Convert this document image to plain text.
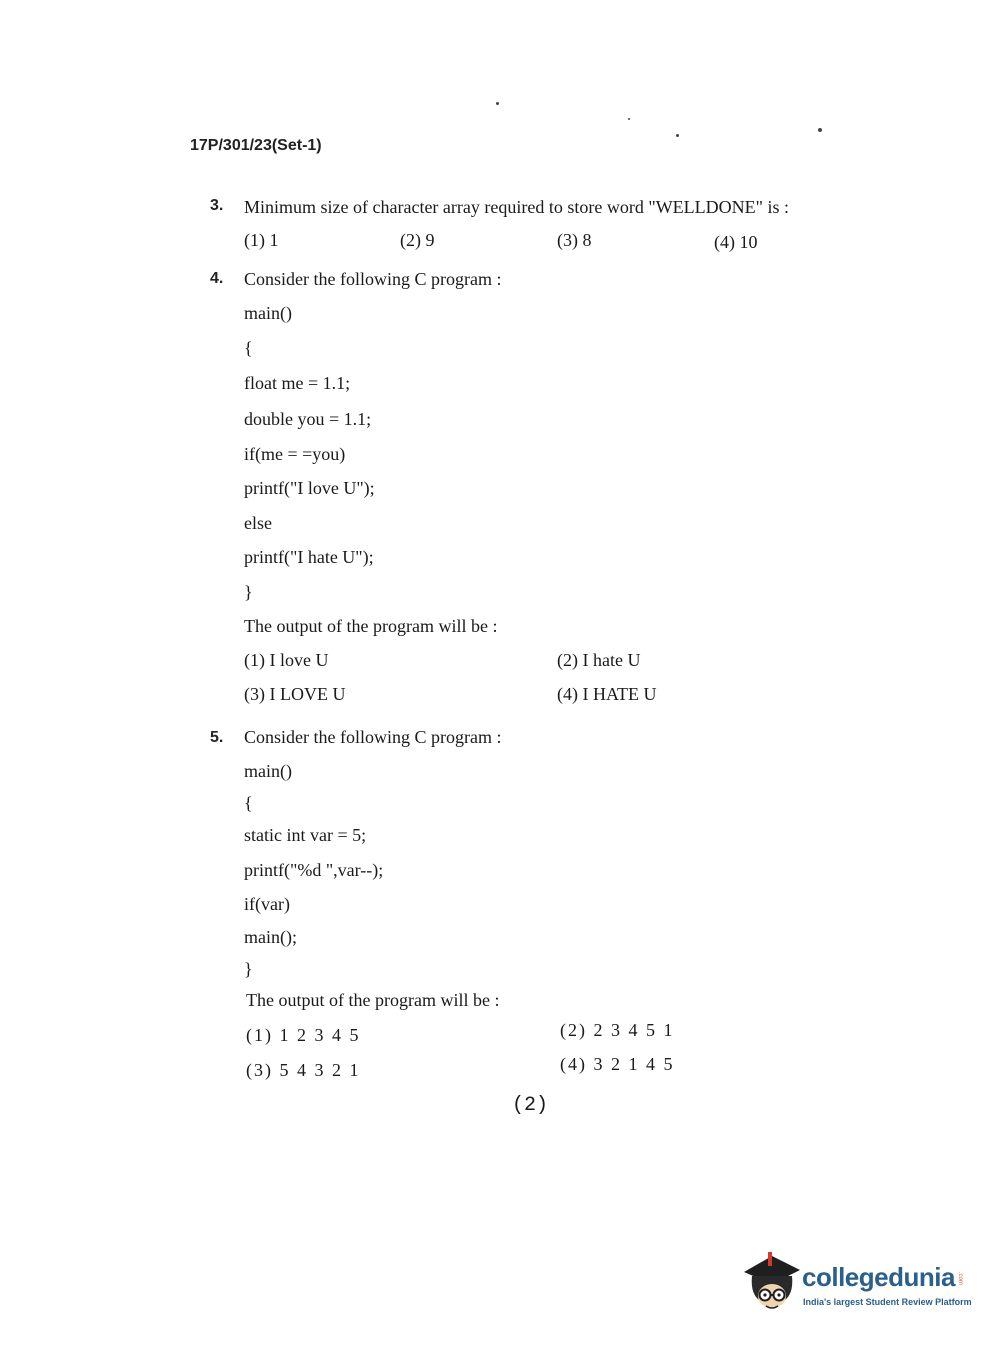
17P/301/23(Set-1)
3. Minimum size of character array required to store word "WELLDONE" is :
(1) 1	(2) 9	(3) 8	(4) 10
4. Consider the following C program :
main()
{
float me = 1.1;
double you = 1.1;
if(me = =you)
printf("I love U");
else
printf("I hate U");
}
The output of the program will be :
(1) I love U	(2) I hate U
(3) I LOVE U	(4) I HATE U
5. Consider the following C program :
main()
{
static int var = 5;
printf("%d ",var--);
if(var)
main();
}
The output of the program will be :
(1) 1 2 3 4 5	(2) 2 3 4 5 1
(3) 5 4 3 2 1	(4) 3 2 1 4 5
(2)
collegedunia .com
India's largest Student Review Platform
